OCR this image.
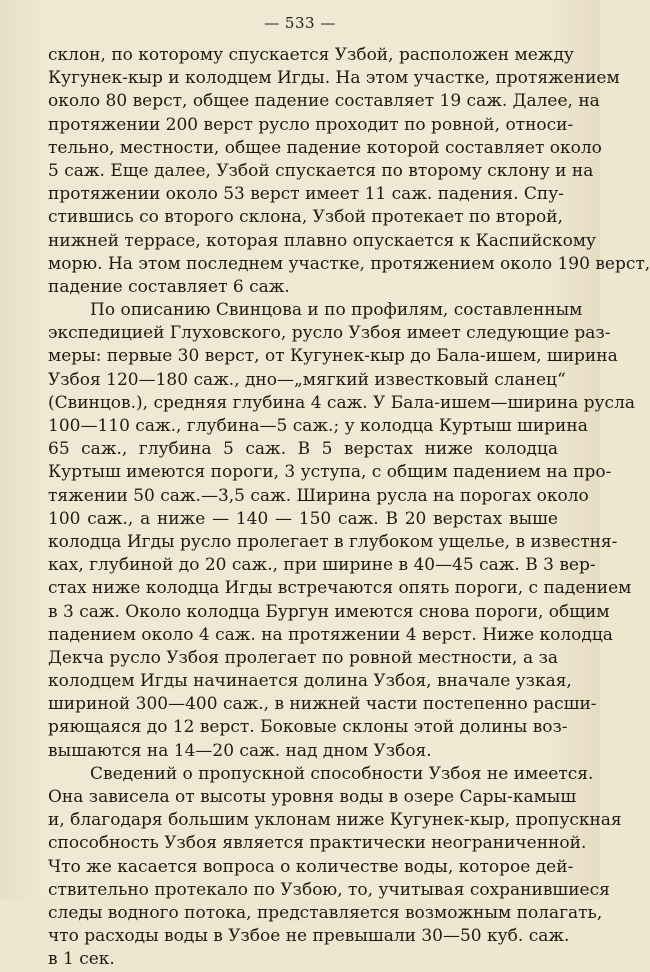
— 533 —
склон, по которому спускается Узбой, расположен между
Кугунек-кыр и колодцем Игды. На этом участке, протяжением
около 80 верст, общее падение составляет 19 саж. Далее, на
протяжении 200 верст русло проходит по ровной, относи-
тельно, местности, общее падение которой составляет около
5 саж. Еще далее, Узбой спускается по второму склону и на
протяжении около 53 верст имеет 11 саж. падения. Спу-
стившись со второго склона, Узбой протекает по второй,
нижней террасе, которая плавно опускается к Каспийскому
морю. На этом последнем участке, протяжением около 190 верст,
падение составляет 6 саж.
По описанию Свинцова и по профилям, составленным
экспедицией Глуховского, русло Узбоя имеет следующие раз-
меры: первые 30 верст, от Кугунек-кыр до Бала-ишем, ширина
Узбоя 120—180 саж., дно—„мягкий известковый сланец“
(Свинцов.), средняя глубина 4 саж. У Бала-ишем—ширина русла
100—110 саж., глубина—5 саж.; у колодца Куртыш ширина
65 саж., глубина 5 саж. В 5 верстах ниже колодца
Куртыш имеются пороги, 3 уступа, с общим падением на про-
тяжении 50 саж.—3,5 саж. Ширина русла на порогах около
100 саж., а ниже — 140 — 150 саж. В 20 верстах выше
колодца Игды русло пролегает в глубоком ущелье, в известня-
ках, глубиной до 20 саж., при ширине в 40—45 саж. В 3 вер-
стах ниже колодца Игды встречаются опять пороги, с падением
в 3 саж. Около колодца Бургун имеются снова пороги, общим
падением около 4 саж. на протяжении 4 верст. Ниже колодца
Декча русло Узбоя пролегает по ровной местности, а за
колодцем Игды начинается долина Узбоя, вначале узкая,
шириной 300—400 саж., в нижней части постепенно расши-
ряющаяся до 12 верст. Боковые склоны этой долины воз-
вышаются на 14—20 саж. над дном Узбоя.
Сведений о пропускной способности Узбоя не имеется.
Она зависела от высоты уровня воды в озере Сары-камыш
и, благодаря большим уклонам ниже Кугунек-кыр, пропускная
способность Узбоя является практически неограниченной.
Что же касается вопроса о количестве воды, которое дей-
ствительно протекало по Узбою, то, учитывая сохранившиеся
следы водного потока, представляется возможным полагать,
что расходы воды в Узбое не превышали 30—50 куб. саж.
в 1 сек.
